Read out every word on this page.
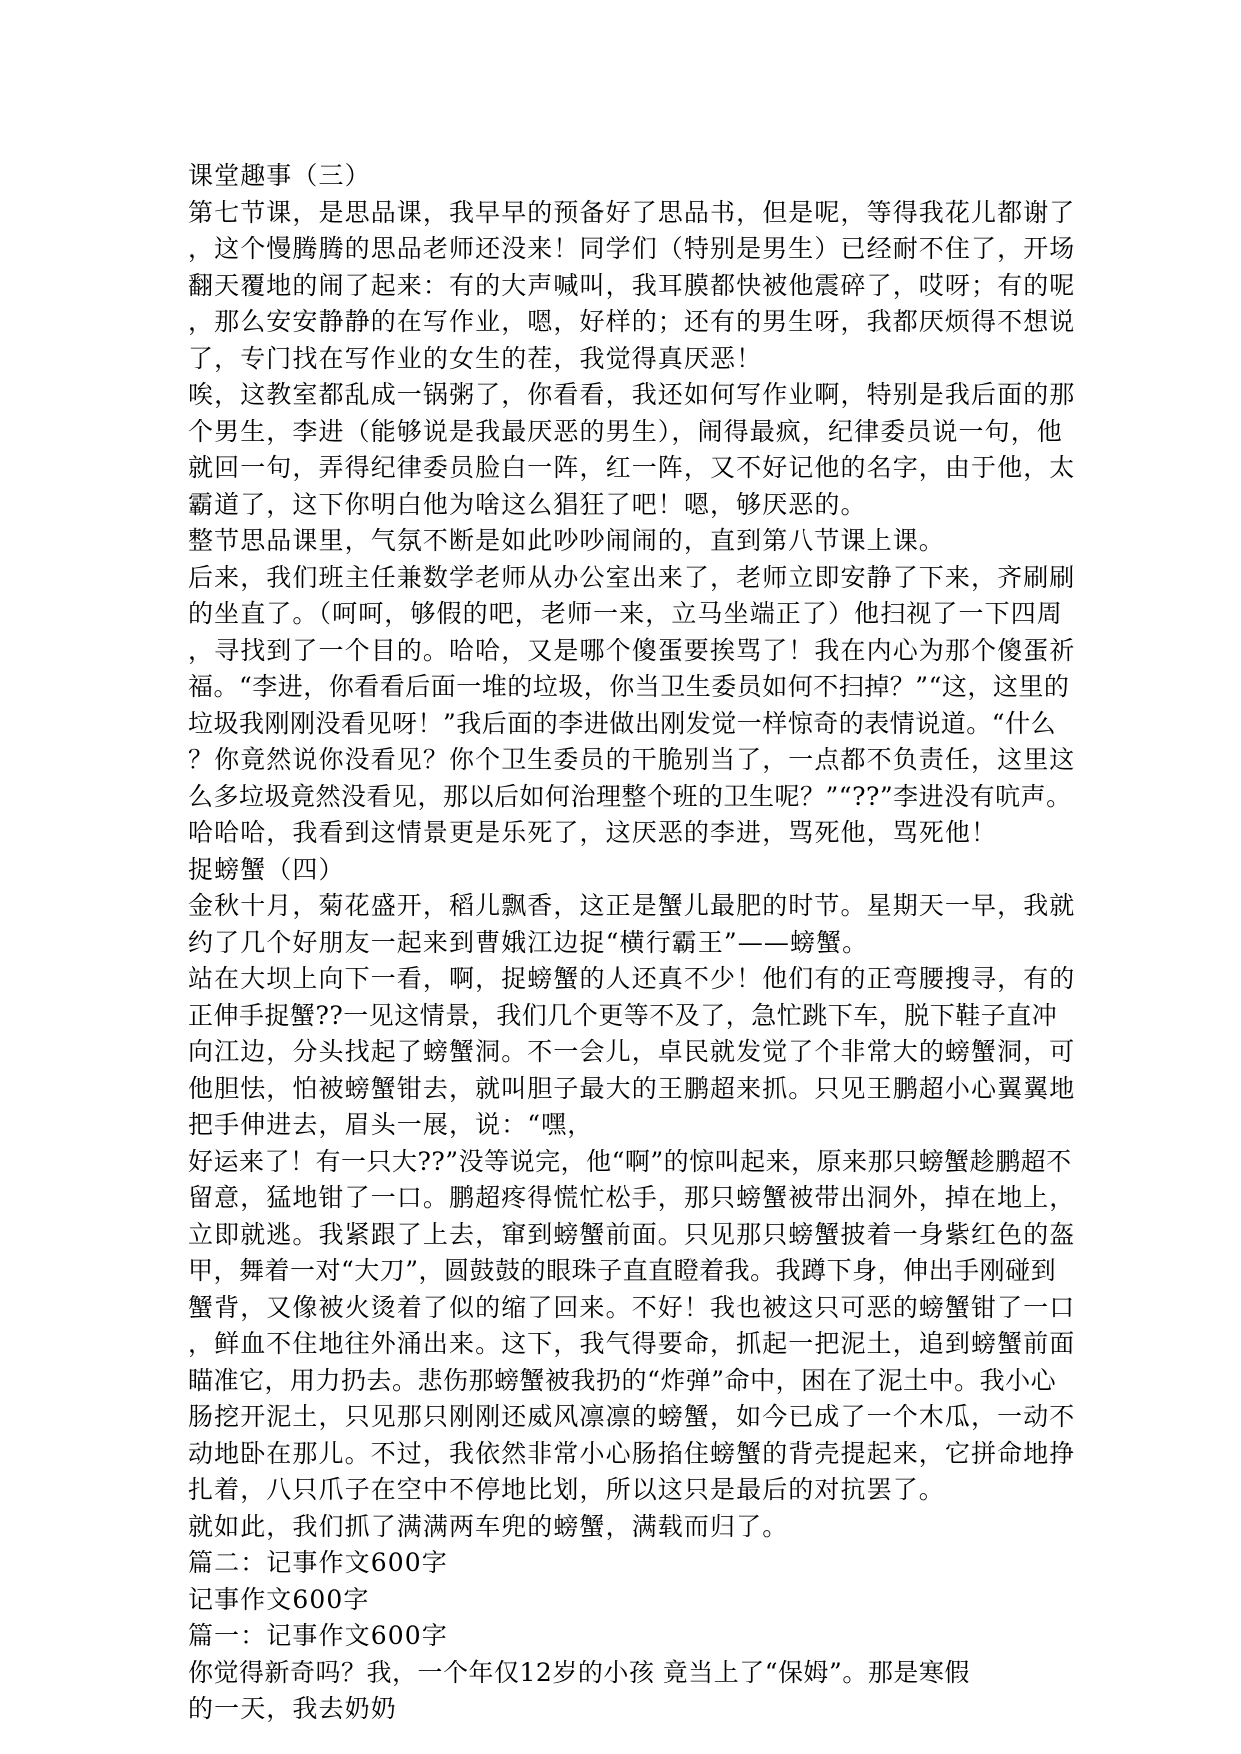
课堂趣事（三）
第七节课，是思品课，我早早的预备好了思品书，但是呢，等得我花儿都谢了
，这个慢腾腾的思品老师还没来！同学们（特别是男生）已经耐不住了，开场
翻天覆地的闹了起来：有的大声喊叫，我耳膜都快被他震碎了，哎呀；有的呢
，那么安安静静的在写作业，嗯，好样的；还有的男生呀，我都厌烦得不想说
了，专门找在写作业的女生的茬，我觉得真厌恶！
唉，这教室都乱成一锅粥了，你看看，我还如何写作业啊，特别是我后面的那
个男生，李进（能够说是我最厌恶的男生），闹得最疯，纪律委员说一句，他
就回一句，弄得纪律委员脸白一阵，红一阵，又不好记他的名字，由于他，太
霸道了，这下你明白他为啥这么猖狂了吧！嗯，够厌恶的。
整节思品课里，气氛不断是如此吵吵闹闹的，直到第八节课上课。
后来，我们班主任兼数学老师从办公室出来了，老师立即安静了下来，齐刷刷
的坐直了。（呵呵，够假的吧，老师一来，立马坐端正了）他扫视了一下四周
，寻找到了一个目的。哈哈，又是哪个傻蛋要挨骂了！我在内心为那个傻蛋祈
福。“李进，你看看后面一堆的垃圾，你当卫生委员如何不扫掉？”“这，这里的
垃圾我刚刚没看见呀！”我后面的李进做出刚发觉一样惊奇的表情说道。“什么
？你竟然说你没看见？你个卫生委员的干脆别当了，一点都不负责任，这里这
么多垃圾竟然没看见，那以后如何治理整个班的卫生呢？”“??”李进没有吭声。
哈哈哈，我看到这情景更是乐死了，这厌恶的李进，骂死他，骂死他！
捉螃蟹（四）
金秋十月，菊花盛开，稻儿飘香，这正是蟹儿最肥的时节。星期天一早，我就
约了几个好朋友一起来到曹娥江边捉“横行霸王”——螃蟹。
站在大坝上向下一看，啊，捉螃蟹的人还真不少！他们有的正弯腰搜寻，有的
正伸手捉蟹??一见这情景，我们几个更等不及了，急忙跳下车，脱下鞋子直冲
向江边，分头找起了螃蟹洞。不一会儿，卓民就发觉了个非常大的螃蟹洞，可
他胆怯，怕被螃蟹钳去，就叫胆子最大的王鹏超来抓。只见王鹏超小心翼翼地
把手伸进去，眉头一展，说：“嘿，
好运来了！有一只大??”没等说完，他“啊”的惊叫起来，原来那只螃蟹趁鹏超不
留意，猛地钳了一口。鹏超疼得慌忙松手，那只螃蟹被带出洞外，掉在地上，
立即就逃。我紧跟了上去，窜到螃蟹前面。只见那只螃蟹披着一身紫红色的盔
甲，舞着一对“大刀”，圆鼓鼓的眼珠子直直瞪着我。我蹲下身，伸出手刚碰到
蟹背，又像被火烫着了似的缩了回来。不好！我也被这只可恶的螃蟹钳了一口
，鲜血不住地往外涌出来。这下，我气得要命，抓起一把泥土，追到螃蟹前面
瞄准它，用力扔去。悲伤那螃蟹被我扔的“炸弹”命中，困在了泥土中。我小心
肠挖开泥土，只见那只刚刚还威风凛凛的螃蟹，如今已成了一个木瓜，一动不
动地卧在那儿。不过，我依然非常小心肠掐住螃蟹的背壳提起来，它拼命地挣
扎着，八只爪子在空中不停地比划，所以这只是最后的对抗罢了。
就如此，我们抓了满满两车兜的螃蟹，满载而归了。
篇二：记事作文600字
记事作文600字
篇一：记事作文600字
你觉得新奇吗？我，一个年仅12岁的小孩 竟当上了“保姆”。那是寒假
的一天，我去奶奶
